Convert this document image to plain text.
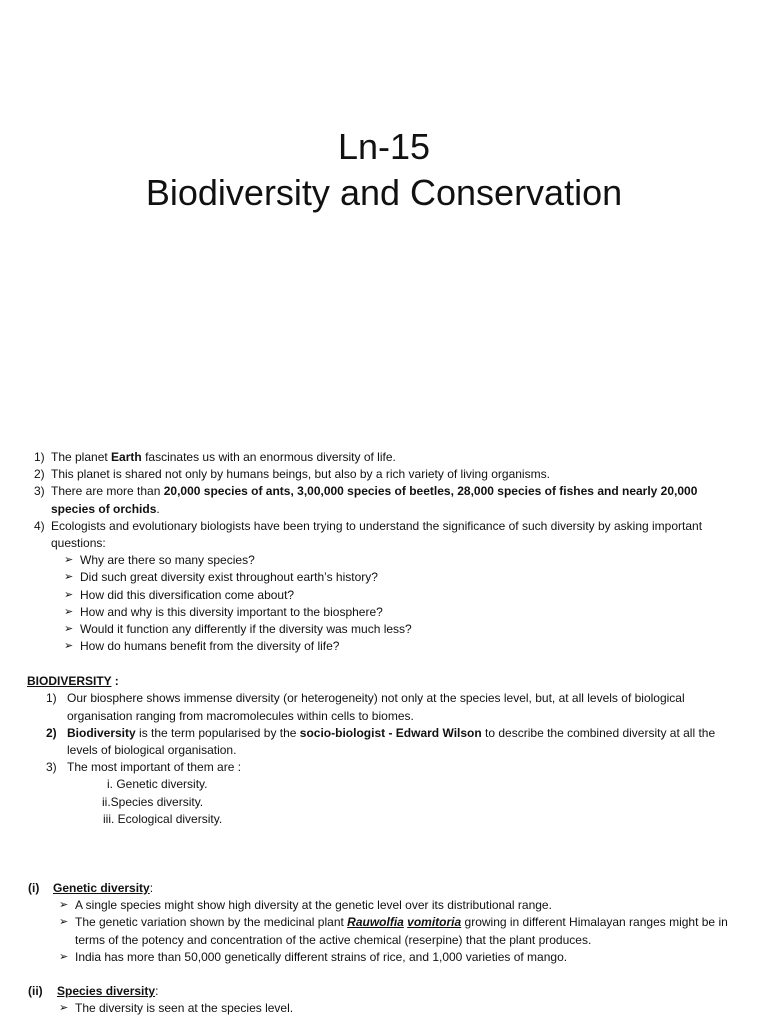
Ln-15
Biodiversity and Conservation
1) The planet Earth fascinates us with an enormous diversity of life.
2) This planet is shared not only by humans beings, but also by a rich variety of living organisms.
3) There are more than 20,000 species of ants, 3,00,000 species of beetles, 28,000 species of fishes and nearly 20,000 species of orchids.
4) Ecologists and evolutionary biologists have been trying to understand the significance of such diversity by asking important questions:
➢ Why are there so many species?
➢ Did such great diversity exist throughout earth’s history?
➢ How did this diversification come about?
➢ How and why is this diversity important to the biosphere?
➢ Would it function any differently if the diversity was much less?
➢ How do humans benefit from the diversity of life?
BIODIVERSITY :
1) Our biosphere shows immense diversity (or heterogeneity) not only at the species level, but, at all levels of biological organisation ranging from macromolecules within cells to biomes.
2) Biodiversity is the term popularised by the socio-biologist - Edward Wilson to describe the combined diversity at all the levels of biological organisation.
3) The most important of them are :
i. Genetic diversity.
ii.Species diversity.
iii. Ecological diversity.
(i) Genetic diversity:
➢ A single species might show high diversity at the genetic level over its distributional range.
➢ The genetic variation shown by the medicinal plant Rauwolfia vomitoria growing in different Himalayan ranges might be in terms of the potency and concentration of the active chemical (reserpine) that the plant produces.
➢ India has more than 50,000 genetically different strains of rice, and 1,000 varieties of mango.
(ii) Species diversity:
➢ The diversity is seen at the species level.
